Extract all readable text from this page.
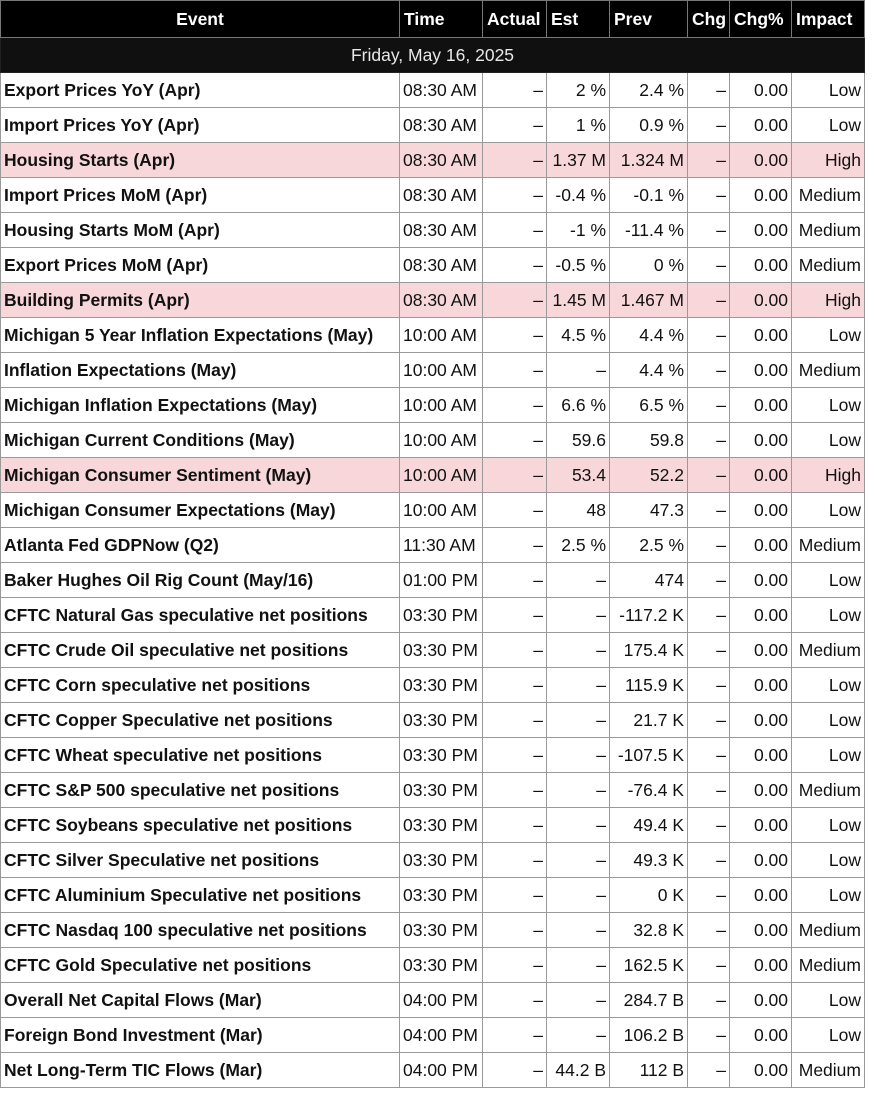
Event	Time	Actual	Est	Prev	Chg	Chg%	Impact
Friday, May 16, 2025							
Export Prices YoY (Apr)	08:30 AM	–	2 %	2.4 %	–	0.00	Low
Import Prices YoY (Apr)	08:30 AM	–	1 %	0.9 %	–	0.00	Low
Housing Starts (Apr)	08:30 AM	–	1.37 M	1.324 M	–	0.00	High
Import Prices MoM (Apr)	08:30 AM	–	-0.4 %	-0.1 %	–	0.00	Medium
Housing Starts MoM (Apr)	08:30 AM	–	-1 %	-11.4 %	–	0.00	Medium
Export Prices MoM (Apr)	08:30 AM	–	-0.5 %	0 %	–	0.00	Medium
Building Permits (Apr)	08:30 AM	–	1.45 M	1.467 M	–	0.00	High
Michigan 5 Year Inflation Expectations (May)	10:00 AM	–	4.5 %	4.4 %	–	0.00	Low
Inflation Expectations (May)	10:00 AM	–	–	4.4 %	–	0.00	Medium
Michigan Inflation Expectations (May)	10:00 AM	–	6.6 %	6.5 %	–	0.00	Low
Michigan Current Conditions (May)	10:00 AM	–	59.6	59.8	–	0.00	Low
Michigan Consumer Sentiment (May)	10:00 AM	–	53.4	52.2	–	0.00	High
Michigan Consumer Expectations (May)	10:00 AM	–	48	47.3	–	0.00	Low
Atlanta Fed GDPNow (Q2)	11:30 AM	–	2.5 %	2.5 %	–	0.00	Medium
Baker Hughes Oil Rig Count (May/16)	01:00 PM	–	–	474	–	0.00	Low
CFTC Natural Gas speculative net positions	03:30 PM	–	–	-117.2 K	–	0.00	Low
CFTC Crude Oil speculative net positions	03:30 PM	–	–	175.4 K	–	0.00	Medium
CFTC Corn speculative net positions	03:30 PM	–	–	115.9 K	–	0.00	Low
CFTC Copper Speculative net positions	03:30 PM	–	–	21.7 K	–	0.00	Low
CFTC Wheat speculative net positions	03:30 PM	–	–	-107.5 K	–	0.00	Low
CFTC S&P 500 speculative net positions	03:30 PM	–	–	-76.4 K	–	0.00	Medium
CFTC Soybeans speculative net positions	03:30 PM	–	–	49.4 K	–	0.00	Low
CFTC Silver Speculative net positions	03:30 PM	–	–	49.3 K	–	0.00	Low
CFTC Aluminium Speculative net positions	03:30 PM	–	–	0 K	–	0.00	Low
CFTC Nasdaq 100 speculative net positions	03:30 PM	–	–	32.8 K	–	0.00	Medium
CFTC Gold Speculative net positions	03:30 PM	–	–	162.5 K	–	0.00	Medium
Overall Net Capital Flows (Mar)	04:00 PM	–	–	284.7 B	–	0.00	Low
Foreign Bond Investment (Mar)	04:00 PM	–	–	106.2 B	–	0.00	Low
Net Long-Term TIC Flows (Mar)	04:00 PM	–	44.2 B	112 B	–	0.00	Medium
